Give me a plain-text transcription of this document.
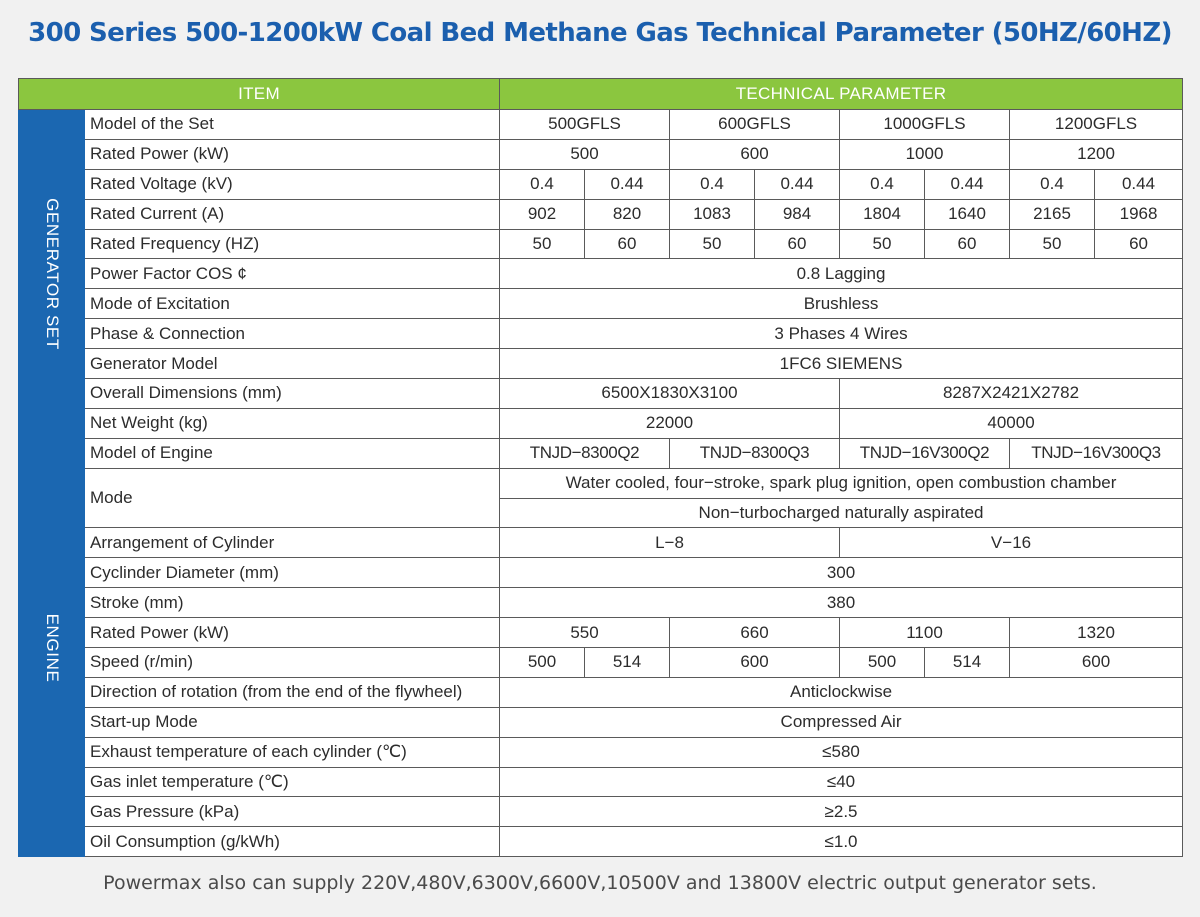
300 Series 500-1200kW Coal Bed Methane Gas Technical Parameter (50HZ/60HZ)
ITEM		TECHNICAL PARAMETER							

GENERATOR SET	Model of the Set	500GFLS		600GFLS		1000GFLS		1200GFLS	
	Rated Power (kW)	500		600		1000		1200	
	Rated Voltage (kV)	0.4	0.44	0.4	0.44	0.4	0.44	0.4	0.44
	Rated Current (A)	902	820	1083	984	1804	1640	2165	1968
	Rated Frequency (HZ)	50	60	50	60	50	60	50	60
	Power Factor COS ¢	0.8 Lagging							
	Mode of Excitation	Brushless							
	Phase & Connection	3 Phases 4 Wires							
	Generator Model	1FC6 SIEMENS							
	Overall Dimensions (mm)	6500X1830X3100				8287X2421X2782			
	Net Weight (kg)	22000				40000			

ENGINE	Model of Engine	TNJD−8300Q2		TNJD−8300Q3		TNJD−16V300Q2		TNJD−16V300Q3	
	Mode	Water cooled, four−stroke, spark plug ignition, open combustion chamber							
		Non−turbocharged naturally aspirated							
	Arrangement of Cylinder	L−8				V−16			
	Cyclinder Diameter (mm)	300							
	Stroke (mm)	380							
	Rated Power (kW)	550		660		1100		1320	
	Speed (r/min)	500	514	600		500	514	600	
	Direction of rotation (from the end of the flywheel)	Anticlockwise							
	Start-up Mode	Compressed Air							
	Exhaust temperature of each cylinder (℃)	≤580							
	Gas inlet temperature (℃)	≤40							
	Gas Pressure (kPa)	≥2.5							
	Oil Consumption (g/kWh)	≤1.0							
Powermax also can supply 220V,480V,6300V,6600V,10500V and 13800V electric output generator sets.
